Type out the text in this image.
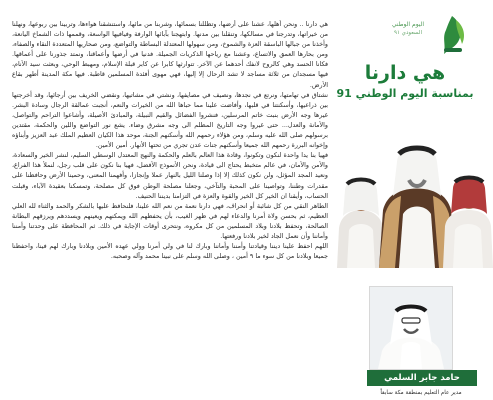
اليوم الوطني
السعودي ٩١
هي دارنا
بمناسبة اليوم الوطني 91
حامد جابر السلمي
مدير عام التعليم بمنطقة مكة سابقاً

هي دارنا .. ونحن أهلها، عشنا على أرضها، وتظللنا بسمائها، وشربنا من مائها، واستنشقنا هواءها، وتربينا بين ربوعها، ونهلنا من خيراتها، وتدرجنا في مسالكها، وتنقلنا بين مدنها. وابتهجنا بآبائها الوارفة وفيافيها الواسعة، وقممها ذات الشماخ اليانعة، وأخذنا من جبالها الباسقة العزة والشموخ، ومن سهولها المعتدلة البساطة والتواضع، ومن صحاريها المتعددة النقاء والصفاء، ومن بحارها العمق والاتساع، وعشنا مع رياحها الذكريات الجميلة. فدنيا في أرضها وأعماقنا، ونمتد جذورنا على أعماقها. فكانا الحسد وهي كالروح لانفك أحدهما عن الآخر. تتوارثها كابرا عن كابر قبلة الإسلام، ومهبط الوحي، وبعثت سيد الأنام، فيها مسجدان من ثلاثة مساجد لا تشد الرحال إلا إليها، فهي مهوى أفئدة المسلمين قاطبة. فيها مكة المدينة أطهر بقاع الأرض.

نشتاق في تهامتها، ونرتع في نجدها، ونصيف في مصايفها، ونشتي في مشاتيها، ونقضي الخريف بين أرجائها، وقد أخرجتها بين ذراعيها، وأسكنتنا في قلبها، وأفاضت علينا مما حباها الله من الخيرات والنعم، أنجبت عمالقة الرجال وسادة البشر. غيرها وجه الأرض بنبت خاتم المرسلين، فنشروا الفضائل والقيم النبيلة، والمبادئ الأصيلة، وأشاعوا التراحم والتواصل، والأمانة والعدل... حتى غيروا وجه التاريخ المظلم الى وجه مشرق وضاء. يشع نور التواضع واللين والحكمة، مقتدين برسولهم صلى الله عليه وسلم، ومن هؤلاء رحمهم الله وأسكنهم الجنة، موحد هذا الكيان العظيم الملك عبد العزيز وأبناؤه وإخوانه البررة رحمهم الله جميعا وأسكنهم جنات عدن تجري من تحتها الأنهار. أمين الأمين.

فهيا بنا يدا واحدة لنكون وتكونوا، وقادة هذا العالم بالعلم والحكمة والنهج المعتدل الوسطي السليم، لنشر الخير والسعادة، والأمن والأمان، في عالم متخبط يحتاج الى قيادة، ونحن الأنموذج الأفضل، فهيا بنا نكون على قلب رجل، لنملأ هذا الفراغ، ونعيد المجد المؤثل، ولن نكون كذلك إلا إذا وصلنا الليل بالنهار عملا وإنجازا، وأفهمنا المعنى، وحمينا الأرض وحافظنا على مقدرات وطننا، وتواصينا على المحبة والتآخي، وجعلنا مصلحة الوطن فوق كل مصلحة، وتمسكنا بعقيدة الآباء، وقبلت الحساب، وأيقنا ان الخير كل الخير والقوة والعزة في التزامنا بديننا الحنيف.

الطاهر النقي من كل شائبة أو انحراف، فهي دارنا نعمة من نعم الله علينا، فلنحافظ عليها بالشكر والحمد والثناء لله العلي العظيم، ثم بحسن ولاة أمرنا والدعاء لهم في ظهر الغيب، بأن يحفظهم الله ويمكنهم ويعينهم ويسددهم ويرزقهم البطانة الصالحة، وتحفظ بلادنا وبلاد المسلمين من كل مكروه، ونتحرى أوقات الإجابة في ذلك. ثم المحافظة على وحدتنا وأمننا وأماننا وأن نعمل الجاد لخير بلادنا ورفعتها.

اللهم احفظ علينا ديننا وقيادتنا وأمننا وأماننا وبارك لنا في ولي أمرنا وولي عهده الأمين وبلادنا وبارك لهم فينا، واحفظنا جميعا وبلادنا من كل سوء ما ٩ أمين ، وصلى الله وسلم على نبينا محمد وآله وصحبه.
